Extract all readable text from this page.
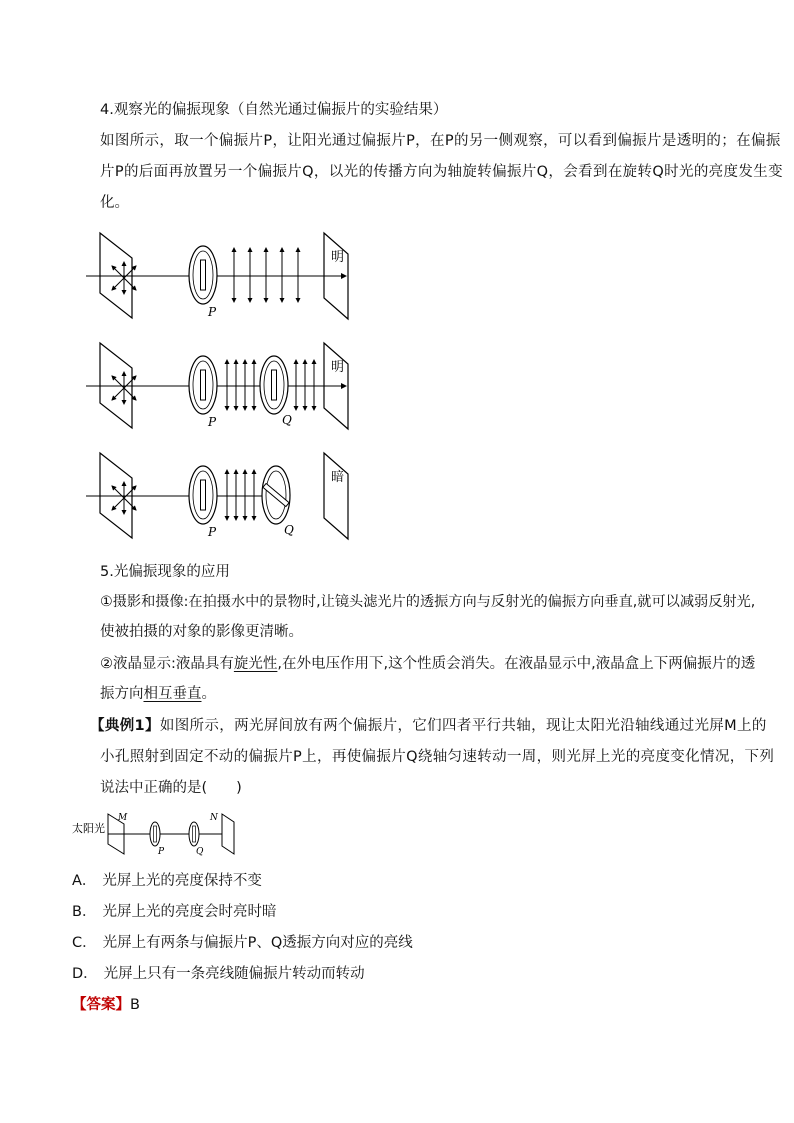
4.观察光的偏振现象（自然光通过偏振片的实验结果）
如图所示，取一个偏振片P，让阳光通过偏振片P，在P的另一侧观察，可以看到偏振片是透明的；在偏振
片P的后面再放置另一个偏振片Q，以光的传播方向为轴旋转偏振片Q，会看到在旋转Q时光的亮度发生变
化。
明
P
明
P	Q
暗
P	Q
5.光偏振现象的应用
①摄影和摄像:在拍摄水中的景物时,让镜头滤光片的透振方向与反射光的偏振方向垂直,就可以减弱反射光,
使被拍摄的对象的影像更清晰。
②液晶显示:液晶具有旋光性,在外电压作用下,这个性质会消失。在液晶显示中,液晶盒上下两偏振片的透
振方向相互垂直。
【典例1】如图所示，两光屏间放有两个偏振片，它们四者平行共轴，现让太阳光沿轴线通过光屏M上的
小孔照射到固定不动的偏振片P上，再使偏振片Q绕轴匀速转动一周，则光屏上光的亮度变化情况，下列
说法中正确的是(　　)
太阳光
M
P	Q
N
A． 光屏上光的亮度保持不变
B． 光屏上光的亮度会时亮时暗
C． 光屏上有两条与偏振片P、Q透振方向对应的亮线
D． 光屏上只有一条亮线随偏振片转动而转动
【答案】B
